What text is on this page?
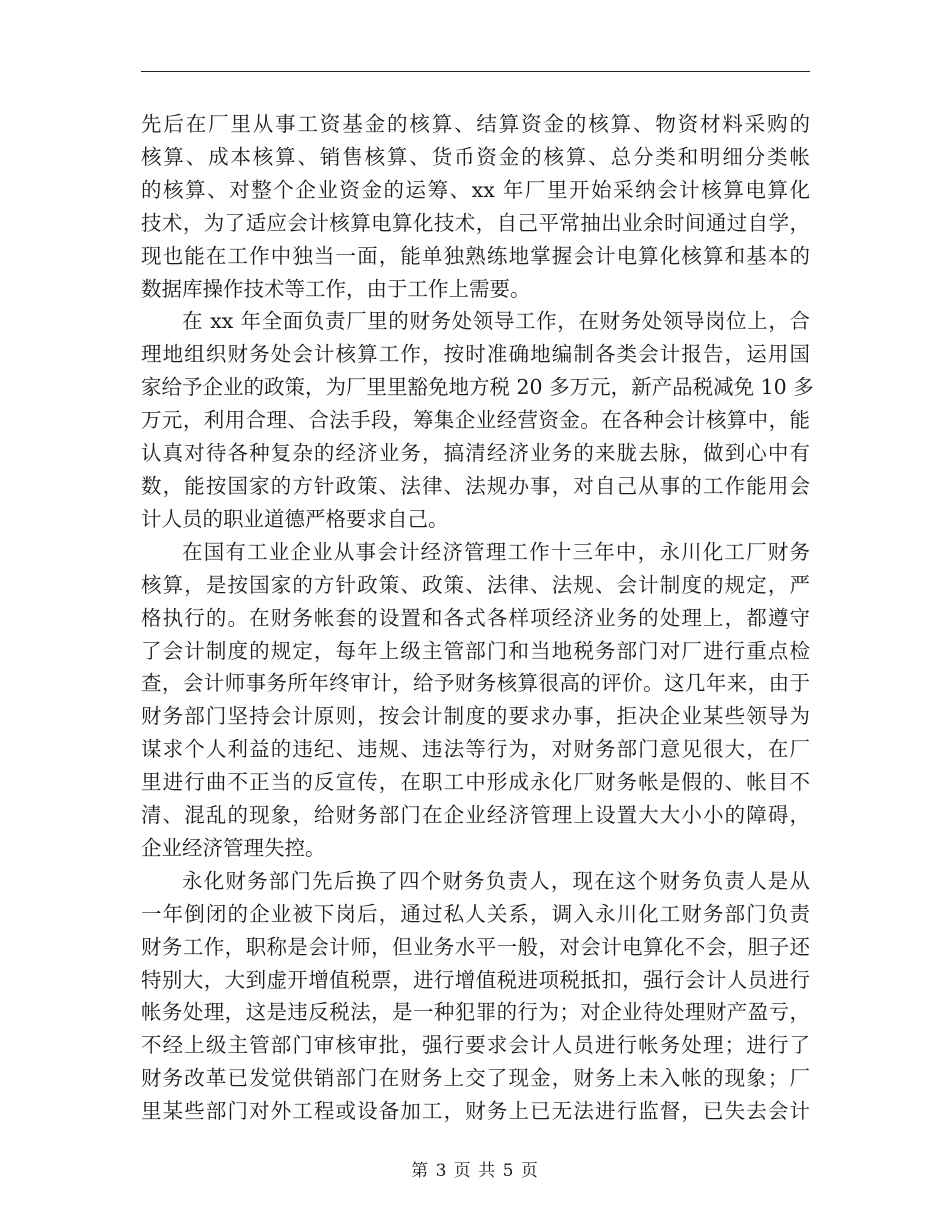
先后在厂里从事工资基金的核算、结算资金的核算、物资材料采购的
核算、成本核算、销售核算、货币资金的核算、总分类和明细分类帐
的核算、对整个企业资金的运筹、xx 年厂里开始采纳会计核算电算化
技术，为了适应会计核算电算化技术，自己平常抽出业余时间通过自学，
现也能在工作中独当一面，能单独熟练地掌握会计电算化核算和基本的
数据库操作技术等工作，由于工作上需要。
在 xx 年全面负责厂里的财务处领导工作，在财务处领导岗位上，合
理地组织财务处会计核算工作，按时准确地编制各类会计报告，运用国
家给予企业的政策，为厂里里豁免地方税 20 多万元，新产品税减免 10 多
万元，利用合理、合法手段，筹集企业经营资金。在各种会计核算中，能
认真对待各种复杂的经济业务，搞清经济业务的来胧去脉，做到心中有
数，能按国家的方针政策、法律、法规办事，对自己从事的工作能用会
计人员的职业道德严格要求自己。
在国有工业企业从事会计经济管理工作十三年中，永川化工厂财务
核算，是按国家的方针政策、政策、法律、法规、会计制度的规定，严
格执行的。在财务帐套的设置和各式各样项经济业务的处理上，都遵守
了会计制度的规定，每年上级主管部门和当地税务部门对厂进行重点检
查，会计师事务所年终审计，给予财务核算很高的评价。这几年来，由于
财务部门坚持会计原则，按会计制度的要求办事，拒决企业某些领导为
谋求个人利益的违纪、违规、违法等行为，对财务部门意见很大，在厂
里进行曲不正当的反宣传，在职工中形成永化厂财务帐是假的、帐目不
清、混乱的现象，给财务部门在企业经济管理上设置大大小小的障碍，
企业经济管理失控。
永化财务部门先后换了四个财务负责人，现在这个财务负责人是从
一年倒闭的企业被下岗后，通过私人关系，调入永川化工财务部门负责
财务工作，职称是会计师，但业务水平一般，对会计电算化不会，胆子还
特别大，大到虚开增值税票，进行增值税进项税抵扣，强行会计人员进行
帐务处理，这是违反税法，是一种犯罪的行为；对企业待处理财产盈亏，
不经上级主管部门审核审批，强行要求会计人员进行帐务处理；进行了
财务改革已发觉供销部门在财务上交了现金，财务上未入帐的现象；厂
里某些部门对外工程或设备加工，财务上已无法进行监督，已失去会计
第 3 页 共 5 页
